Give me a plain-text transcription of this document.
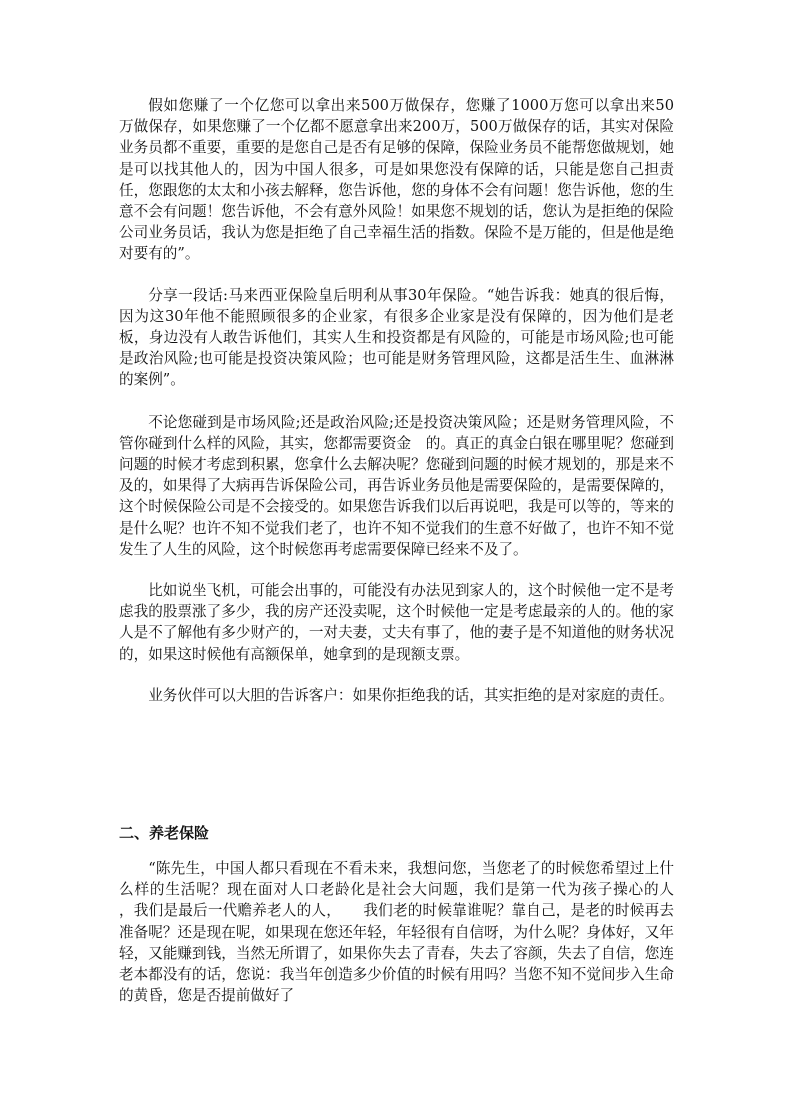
假如您赚了一个亿您可以拿出来500万做保存，您赚了1000万您可以拿出来50　　万做保存，如果您赚了一个亿都不愿意拿出来200万，500万做保存的话，其实对保险业务员都不重要，重要的是您自己是否有足够的保障，保险业务员不能帮您做规划，她是可以找其他人的，因为中国人很多，可是如果您没有保障的话，只能是您自己担责任，您跟您的太太和小孩去解释，您告诉他，您的身体不会有问题！您告诉他，您的生意不会有问题！您告诉他，不会有意外风险！如果您不规划的话，您认为是拒绝的保险公司业务员话，我认为您是拒绝了自己幸福生活的指数。保险不是万能的，但是他是绝对要有的”。

分享一段话:马来西亚保险皇后明利从事30年保险。“她告诉我：她真的很后悔，因为这30年他不能照顾很多的企业家，有很多企业家是没有保障的，因为他们是老板，身边没有人敢告诉他们，其实人生和投资都是有风险的，可能是市场风险;也可能是政治风险;也可能是投资决策风险；也可能是财务管理风险，这都是活生生、血淋淋的案例”。

不论您碰到是市场风险;还是政治风险;还是投资决策风险；还是财务管理风险，不管你碰到什么样的风险，其实，您都需要资金　的。真正的真金白银在哪里呢？您碰到问题的时候才考虑到积累，您拿什么去解决呢？您碰到问题的时候才规划的，那是来不及的，如果得了大病再告诉保险公司，再告诉业务员他是需要保险的，是需要保障的，这个时候保险公司是不会接受的。如果您告诉我们以后再说吧，我是可以等的，等来的是什么呢？也许不知不觉我们老了，也许不知不觉我们的生意不好做了，也许不知不觉发生了人生的风险，这个时候您再考虑需要保障已经来不及了。

比如说坐飞机，可能会出事的，可能没有办法见到家人的，这个时候他一定不是考虑我的股票涨了多少，我的房产还没卖呢，这个时候他一定是考虑最亲的人的。他的家人是不了解他有多少财产的，一对夫妻，丈夫有事了，他的妻子是不知道他的财务状况的，如果这时候他有高额保单，她拿到的是现额支票。

业务伙伴可以大胆的告诉客户：如果你拒绝我的话，其实拒绝的是对家庭的责任。

二、养老保险

“陈先生，中国人都只看现在不看未来，我想问您，当您老了的时候您希望过上什么样的生活呢？现在面对人口老龄化是社会大问题，我们是第一代为孩子操心的人　　，我们是最后一代赡养老人的人，　　我们老的时候靠谁呢？靠自己，是老的时候再去准备呢？还是现在呢，如果现在您还年轻，年轻很有自信呀，为什么呢？身体好，又年轻，又能赚到钱，当然无所谓了，如果你失去了青春，失去了容颜，失去了自信，您连老本都没有的话，您说：我当年创造多少价值的时候有用吗？当您不知不觉间步入生命的黄昏，您是否提前做好了
